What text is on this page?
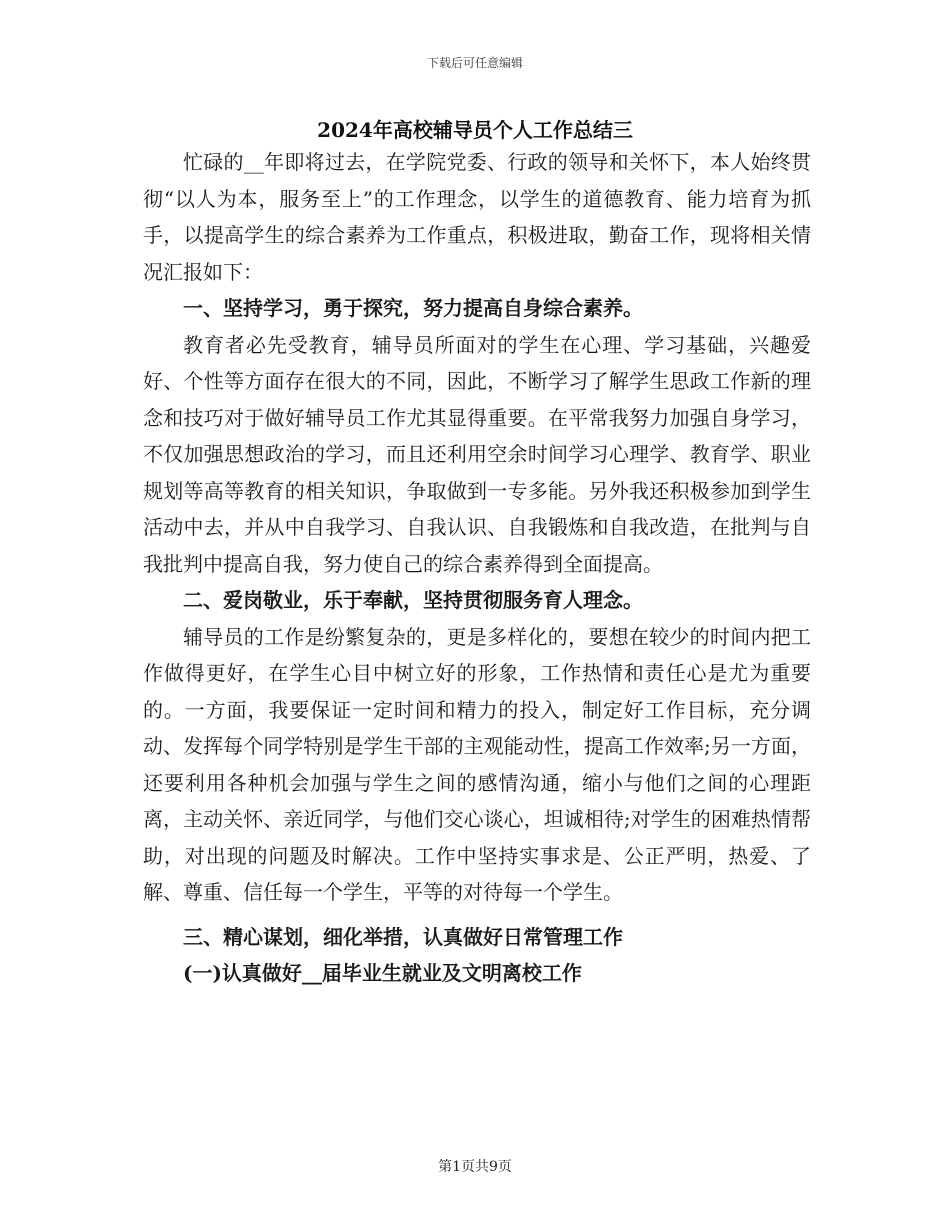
下载后可任意编辑
2024年高校辅导员个人工作总结三

忙碌的__年即将过去，在学院党委、行政的领导和关怀下，本人始终贯彻“以人为本，服务至上”的工作理念，以学生的道德教育、能力培育为抓手，以提高学生的综合素养为工作重点，积极进取，勤奋工作，现将相关情况汇报如下：

一、坚持学习，勇于探究，努力提高自身综合素养。

教育者必先受教育，辅导员所面对的学生在心理、学习基础，兴趣爱好、个性等方面存在很大的不同，因此，不断学习了解学生思政工作新的理念和技巧对于做好辅导员工作尤其显得重要。在平常我努力加强自身学习，不仅加强思想政治的学习，而且还利用空余时间学习心理学、教育学、职业规划等高等教育的相关知识，争取做到一专多能。另外我还积极参加到学生活动中去，并从中自我学习、自我认识、自我锻炼和自我改造，在批判与自我批判中提高自我，努力使自己的综合素养得到全面提高。

二、爱岗敬业，乐于奉献，坚持贯彻服务育人理念。

辅导员的工作是纷繁复杂的，更是多样化的，要想在较少的时间内把工作做得更好，在学生心目中树立好的形象，工作热情和责任心是尤为重要的。一方面，我要保证一定时间和精力的投入，制定好工作目标，充分调动、发挥每个同学特别是学生干部的主观能动性，提高工作效率;另一方面，还要利用各种机会加强与学生之间的感情沟通，缩小与他们之间的心理距离，主动关怀、亲近同学，与他们交心谈心，坦诚相待;对学生的困难热情帮助，对出现的问题及时解决。工作中坚持实事求是、公正严明，热爱、了解、尊重、信任每一个学生，平等的对待每一个学生。

三、精心谋划，细化举措，认真做好日常管理工作

(一)认真做好__届毕业生就业及文明离校工作

第1页共9页
